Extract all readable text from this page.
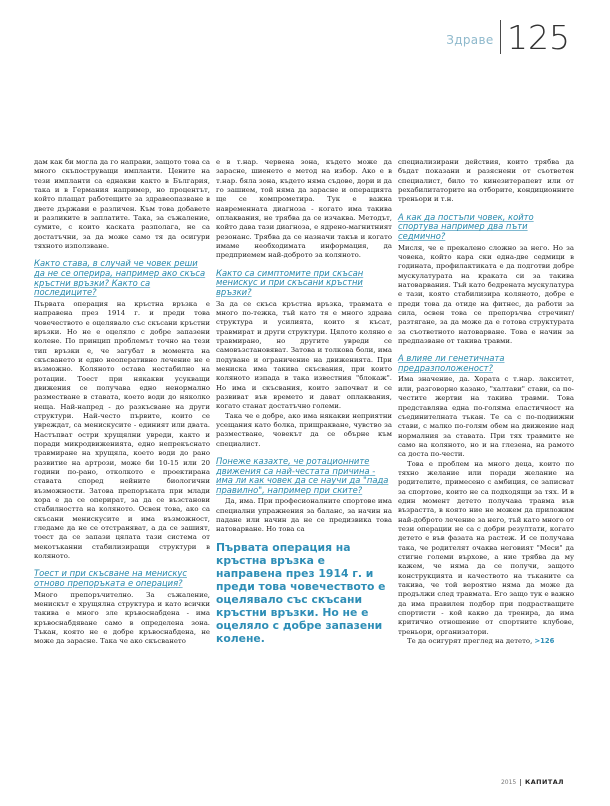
Здраве 125

дам как би могла да го направи, защото това са много скъпоструващи импланти. Цените на тези импланти са еднакви както в България, така и в Германия например, но процентът, който плащат работещите за здравеопазване в двете държави е различен. Към това добавете и разликите в заплатите. Така, за съжаление, сумите, с които каската разполага, не са достатъчни, за да може само тя да осигури тяхното използване.

Както става, в случай че човек реши да не се оперира, например ако скъса кръстни връзки? Както са последиците?

Първата операция на кръстна връзка е направена през 1914 г. и преди това човечеството е оцелявало със скъсани кръстни връзки. Но не е оцеляло с добре запазени колене. По принцип проблемът точно на тези тип връзки е, че загубат в момента на скъсването и едно неоперативно лечение не е възможно. Колянoто остава нестабилно на ротации. Тоест при някакви усукващи движения се получава едно ненормално разместване в ставата, което води до няколко неща. Най-напред - до разкъсване на други структури. Най-често първите, които се увреждат, са менискусите - единият или двата. Настъпват остри хрущялни увреди, както и поради микродвиженията, едно непрекъснато травмиране на хрущяла, което води до рано развитие на артрози, може би 10-15 или 20 години по-рано, отколкото е проектирана ставата според нейните биологични възможности. Затова препоръката при млади хора е да се оперират, за да се възстанови стабилността на колянoто. Освен това, ако са скъсани менискусите и има възможност, гледаме да не се отстраняват, а да се зашият, тоест да се запази цялата тази система от мекотъканни стабилизиращи структури в колянoто.

Тоест и при скъсване на менискус отново препоръката е операция?

Много препоръчително. За съжаление, менискът е хрущялна структура и като всички такива е много зле кръвоснабдена - има кръвоснабдяване само в определена зона. Тъкан, която не е добре кръвоснабдена, не може да зарасне. Така че ако скъсването

е в т.нар. червена зона, където може да зарасне, шиенето е метод на избор. Ако е в т.нар. бяла зона, където няма съдове, дори и да го зашием, той няма да зарасне и операцията ще се компрометира. Тук е важна навременната диагноза - когато има такива оплаквания, не трябва да се изчаква. Методът, който дава тази диагноза, е ядрено-магнитният резонанс. Трябва да се назначи такъв и когато имаме необходимата информация, да предприемем най-доброто за колянoто.

Както са симптомите при скъсан менискус и при скъсани кръстни връзки?

За да се скъса кръстна връзка, травмата е много по-тежка, тъй като тя е много здрава структура и усилията, които я късат, травмират и други структури. Цялото коляно е травмирано, но другите увреди се самовъзстановяват. Затова и толкова боли, има подуване и ограничение на движенията. При мениска има такива скъсвания, при които колянoто изпада в така известния "блокаж". Но има и скъсвания, които започват и се развиват във времето и дават оплаквания, когато станат достатъчно големи.

Така че е добре, ако има някакви неприятни усещания като болка, прищракване, чувство за разместване, човекът да се обърне към специалист.

Понеже казахте, че ротационните движения са най-честата причина - има ли как човек да се научи да "пада правилно", например при ските?

Да, има. При професионалните спортове има специални упражнения за баланс, за начин на падане или начин да не се предизвика това натоварване. Но това са

Първата операция на кръстна връзка е направена през 1914 г. и преди това човечеството е оцелявало със скъсани кръстни връзки. Но не е оцеляло с добре запазени колене.

специализирани действия, които трябва да бъдат показани и разяснени от съответен специалист, било то кинезитерапевт или от рехабилитаторите на отборите, кондиционните треньори и т.н.

А как да постъпи човек, който спортува например два пъти седмично?

Мисля, че е прекалено сложно за него. Но за човека, който кара ски една-две седмици в годината, профилактиката е да подготви добре мускулатурата на краката си за такива натоварвания. Тъй като бедрената мускулатура е тази, която стабилизира колянoто, добре е преди това да отиде на фитнес, да работи за сила, освен това се препоръчва стречинг/разтягане, за да може да е готова структурата за съответното натоварване. Това е начин за предпазване от такива травми.

А влияе ли генетичната предразположеност?

Има значение, да. Хората с т.нар. лакситет, или, разговорно казано, "халтави" стави, са по-честите жертви на такива травми. Това представлява една по-голяма еластичност на съединителната тъкан. Те са с по-подвижни стави, с малко по-голям обем на движение над нормалния за ставата. При тях травмите не само на колянoто, но и на глезена, на рамото са доста по-чести.

Това е проблем на много деца, които по тяхно желание или поради желание на родителите, примесено с амбиция, се записват за спортове, които не са подходящи за тях. И в един момент детето получава травма във възрастта, в която ние не можем да приложим най-доброто лечение за него, тъй като много от тези операции не са с добри резултати, когато детето е във фазата на растеж. И се получава така, че родителят очаква неговият "Меси" да стигне големи върхове, а ние трябва да му кажем, че няма да се получи, защото конструкцията и качеството на тъканите са такива, че той вероятно няма да може да продължи след травмата. Его защо тук е важно да има правилен подбор при подрастващите спортисти - кой какво да тренира, да има критично отношение от спортните клубове, треньори, организатори.

Те да осигурят преглед на детето, >126

2015 КАПИТАЛ
